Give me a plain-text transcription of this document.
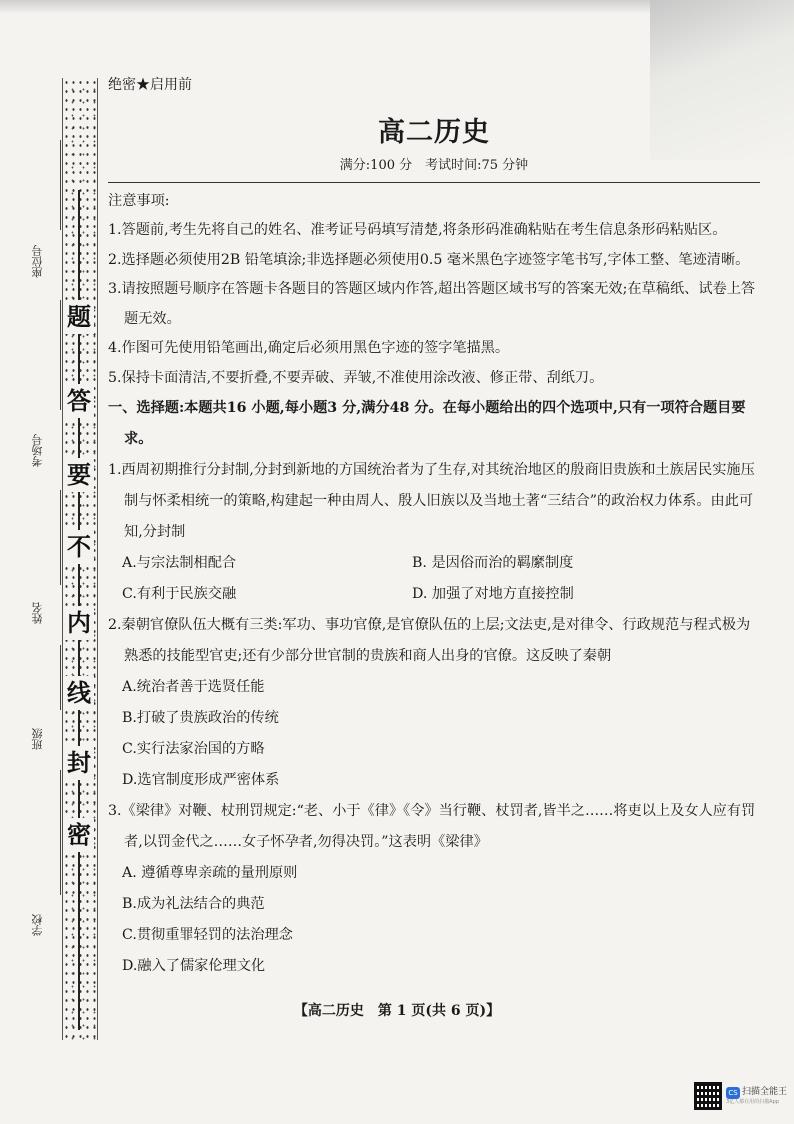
座位号
考场号
姓名
班级
学校
题
答
要
不
内
线
封
密
绝密★启用前
高二历史
满分:100 分　考试时间:75 分钟
注意事项:
1.答题前,考生先将自己的姓名、准考证号码填写清楚,将条形码准确粘贴在考生信息条形码粘贴区。
2.选择题必须使用2B 铅笔填涂;非选择题必须使用0.5 毫米黑色字迹签字笔书写,字体工整、笔迹清晰。
3.请按照题号顺序在答题卡各题目的答题区域内作答,超出答题区域书写的答案无效;在草稿纸、试卷上答题无效。
4.作图可先使用铅笔画出,确定后必须用黑色字迹的签字笔描黑。
5.保持卡面清洁,不要折叠,不要弄破、弄皱,不准使用涂改液、修正带、刮纸刀。
一、选择题:本题共16 小题,每小题3 分,满分48 分。在每小题给出的四个选项中,只有一项符合题目要求。
1.西周初期推行分封制,分封到新地的方国统治者为了生存,对其统治地区的殷商旧贵族和土族居民实施压制与怀柔相统一的策略,构建起一种由周人、殷人旧族以及当地土著“三结合”的政治权力体系。由此可知,分封制
A.与宗法制相配合	B. 是因俗而治的羁縻制度
C.有利于民族交融	D. 加强了对地方直接控制
2.秦朝官僚队伍大概有三类:军功、事功官僚,是官僚队伍的上层;文法吏,是对律令、行政规范与程式极为熟悉的技能型官吏;还有少部分世官制的贵族和商人出身的官僚。这反映了秦朝
A.统治者善于选贤任能
B.打破了贵族政治的传统
C.实行法家治国的方略
D.选官制度形成严密体系
3.《梁律》对鞭、杖刑罚规定:“老、小于《律》《令》当行鞭、杖罚者,皆半之……将吏以上及女人应有罚者,以罚金代之……女子怀孕者,勿得决罚。”这表明《梁律》
A. 遵循尊卑亲疏的量刑原则
B.成为礼法结合的典范
C.贯彻重罪轻罚的法治理念
D.融入了儒家伦理文化
【高二历史　第 1 页(共 6 页)】
CS 扫描全能王
3亿人都在用的扫描App
